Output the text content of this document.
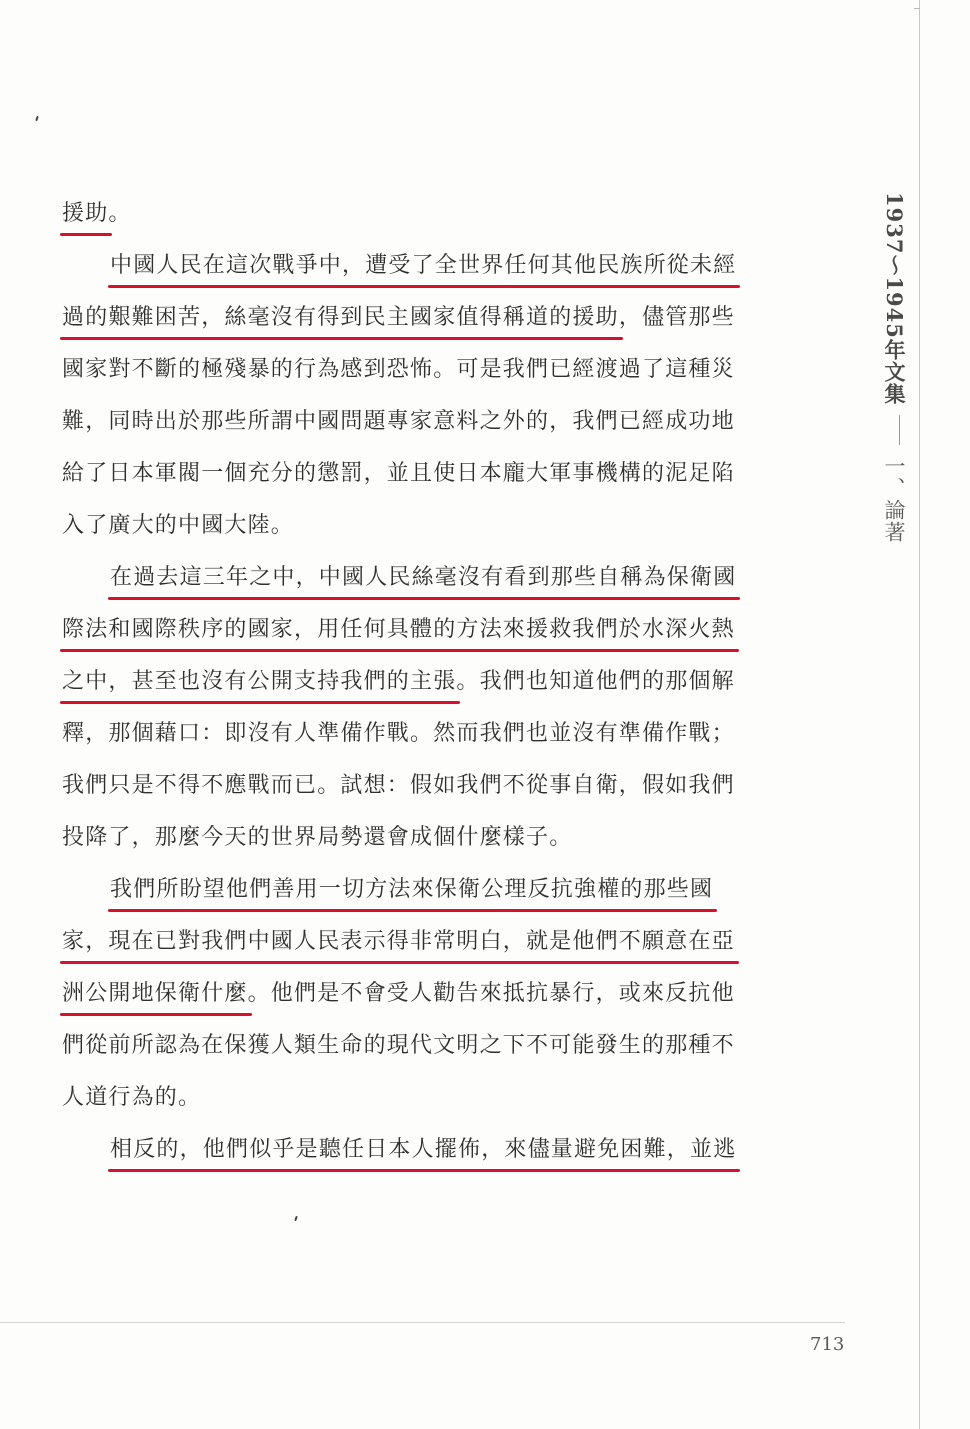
1937〜1945年文集一、論著
援助。
中國人民在這次戰爭中，遭受了全世界任何其他民族所從未經
過的艱難困苦，絲毫沒有得到民主國家值得稱道的援助，儘管那些
國家對不斷的極殘暴的行為感到恐怖。可是我們已經渡過了這種災
難，同時出於那些所謂中國問題專家意料之外的，我們已經成功地
給了日本軍閥一個充分的懲罰，並且使日本龐大軍事機構的泥足陷
入了廣大的中國大陸。
在過去這三年之中，中國人民絲毫沒有看到那些自稱為保衛國
際法和國際秩序的國家，用任何具體的方法來援救我們於水深火熱
之中，甚至也沒有公開支持我們的主張。我們也知道他們的那個解
釋，那個藉口：即沒有人準備作戰。然而我們也並沒有準備作戰；
我們只是不得不應戰而已。試想：假如我們不從事自衛，假如我們
投降了，那麼今天的世界局勢還會成個什麼樣子。
我們所盼望他們善用一切方法來保衛公理反抗強權的那些國
家，現在已對我們中國人民表示得非常明白，就是他們不願意在亞
洲公開地保衛什麼。他們是不會受人勸告來抵抗暴行，或來反抗他
們從前所認為在保獲人類生命的現代文明之下不可能發生的那種不
人道行為的。
相反的，他們似乎是聽任日本人擺佈，來儘量避免困難，並逃
713
